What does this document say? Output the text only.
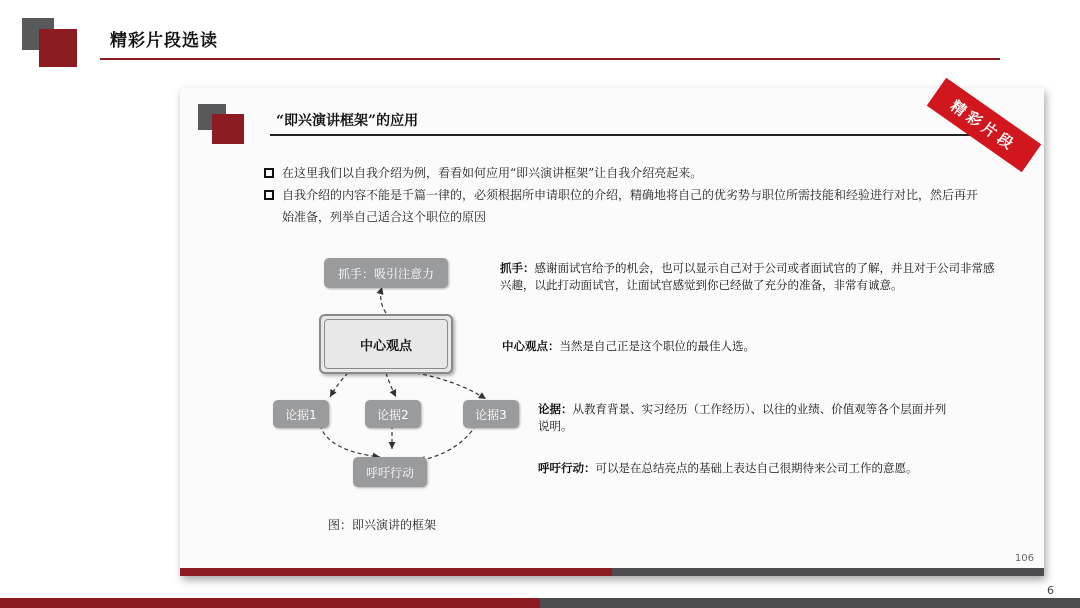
精彩片段选读
“即兴演讲框架”的应用	精彩片段
在这里我们以自我介绍为例，看看如何应用“即兴演讲框架”让自我介绍亮起来。
自我介绍的内容不能是千篇一律的，必须根据所申请职位的介绍，精确地将自己的优劣势与职位所需技能和经验进行对比，然后再开始准备，列举自己适合这个职位的原因
抓手：吸引注意力
中心观点
论据1	论据2	论据3
呼吁行动
图：即兴演讲的框架
抓手：感谢面试官给予的机会，也可以显示自己对于公司或者面试官的了解，并且对于公司非常感兴趣，以此打动面试官，让面试官感觉到你已经做了充分的准备，非常有诚意。
中心观点：当然是自己正是这个职位的最佳人选。
论据：从教育背景、实习经历（工作经历）、以往的业绩、价值观等各个层面并列说明。
呼吁行动：可以是在总结亮点的基础上表达自己很期待来公司工作的意愿。
106
6
